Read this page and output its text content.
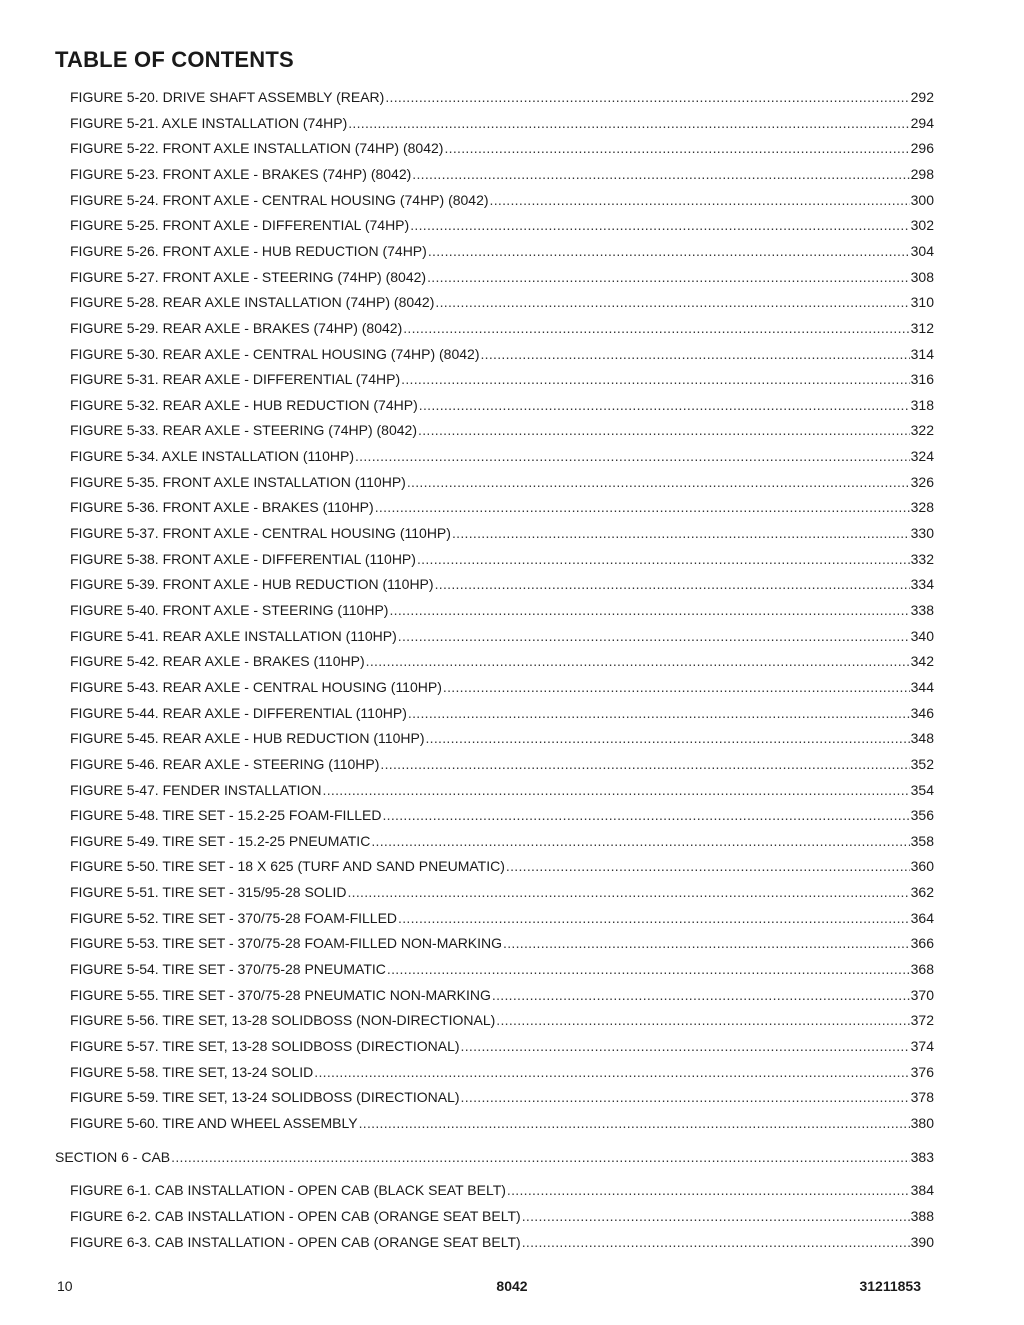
TABLE OF CONTENTS
FIGURE 5-20. DRIVE SHAFT ASSEMBLY (REAR) .....	292
FIGURE 5-21. AXLE INSTALLATION (74HP) .....	294
FIGURE 5-22. FRONT AXLE INSTALLATION (74HP) (8042) .....	296
FIGURE 5-23. FRONT AXLE - BRAKES (74HP) (8042) .....	298
FIGURE 5-24. FRONT AXLE - CENTRAL HOUSING (74HP) (8042) .....	300
FIGURE 5-25. FRONT AXLE - DIFFERENTIAL (74HP) .....	302
FIGURE 5-26. FRONT AXLE - HUB REDUCTION (74HP) .....	304
FIGURE 5-27. FRONT AXLE - STEERING (74HP) (8042) .....	308
FIGURE 5-28. REAR AXLE INSTALLATION (74HP) (8042) .....	310
FIGURE 5-29. REAR AXLE - BRAKES (74HP) (8042) .....	312
FIGURE 5-30. REAR AXLE - CENTRAL HOUSING (74HP) (8042) .....	314
FIGURE 5-31. REAR AXLE - DIFFERENTIAL (74HP) .....	316
FIGURE 5-32. REAR AXLE - HUB REDUCTION (74HP) .....	318
FIGURE 5-33. REAR AXLE - STEERING (74HP) (8042) .....	322
FIGURE 5-34. AXLE INSTALLATION (110HP) .....	324
FIGURE 5-35. FRONT AXLE INSTALLATION (110HP) .....	326
FIGURE 5-36. FRONT AXLE - BRAKES (110HP) .....	328
FIGURE 5-37. FRONT AXLE - CENTRAL HOUSING (110HP) .....	330
FIGURE 5-38. FRONT AXLE - DIFFERENTIAL (110HP) .....	332
FIGURE 5-39. FRONT AXLE - HUB REDUCTION (110HP) .....	334
FIGURE 5-40. FRONT AXLE - STEERING (110HP) .....	338
FIGURE 5-41. REAR AXLE INSTALLATION (110HP) .....	340
FIGURE 5-42. REAR AXLE - BRAKES (110HP) .....	342
FIGURE 5-43. REAR AXLE - CENTRAL HOUSING (110HP) .....	344
FIGURE 5-44. REAR AXLE - DIFFERENTIAL (110HP) .....	346
FIGURE 5-45. REAR AXLE - HUB REDUCTION (110HP) .....	348
FIGURE 5-46. REAR AXLE - STEERING (110HP) .....	352
FIGURE 5-47. FENDER INSTALLATION .....	354
FIGURE 5-48. TIRE SET - 15.2-25 FOAM-FILLED .....	356
FIGURE 5-49. TIRE SET - 15.2-25 PNEUMATIC .....	358
FIGURE 5-50. TIRE SET - 18 X 625 (TURF AND SAND PNEUMATIC) .....	360
FIGURE 5-51. TIRE SET - 315/95-28 SOLID .....	362
FIGURE 5-52. TIRE SET - 370/75-28 FOAM-FILLED .....	364
FIGURE 5-53. TIRE SET - 370/75-28 FOAM-FILLED NON-MARKING .....	366
FIGURE 5-54. TIRE SET - 370/75-28 PNEUMATIC .....	368
FIGURE 5-55. TIRE SET - 370/75-28 PNEUMATIC NON-MARKING .....	370
FIGURE 5-56. TIRE SET, 13-28 SOLIDBOSS (NON-DIRECTIONAL) .....	372
FIGURE 5-57. TIRE SET, 13-28 SOLIDBOSS (DIRECTIONAL) .....	374
FIGURE 5-58. TIRE SET, 13-24 SOLID .....	376
FIGURE 5-59. TIRE SET, 13-24 SOLIDBOSS (DIRECTIONAL) .....	378
FIGURE 5-60. TIRE AND WHEEL ASSEMBLY .....	380
SECTION 6 - CAB .....	383
FIGURE 6-1. CAB INSTALLATION - OPEN CAB (BLACK SEAT BELT) .....	384
FIGURE 6-2. CAB INSTALLATION - OPEN CAB (ORANGE SEAT BELT) .....	388
FIGURE 6-3. CAB INSTALLATION - OPEN CAB (ORANGE SEAT BELT) .....	390
10	8042	31211853
